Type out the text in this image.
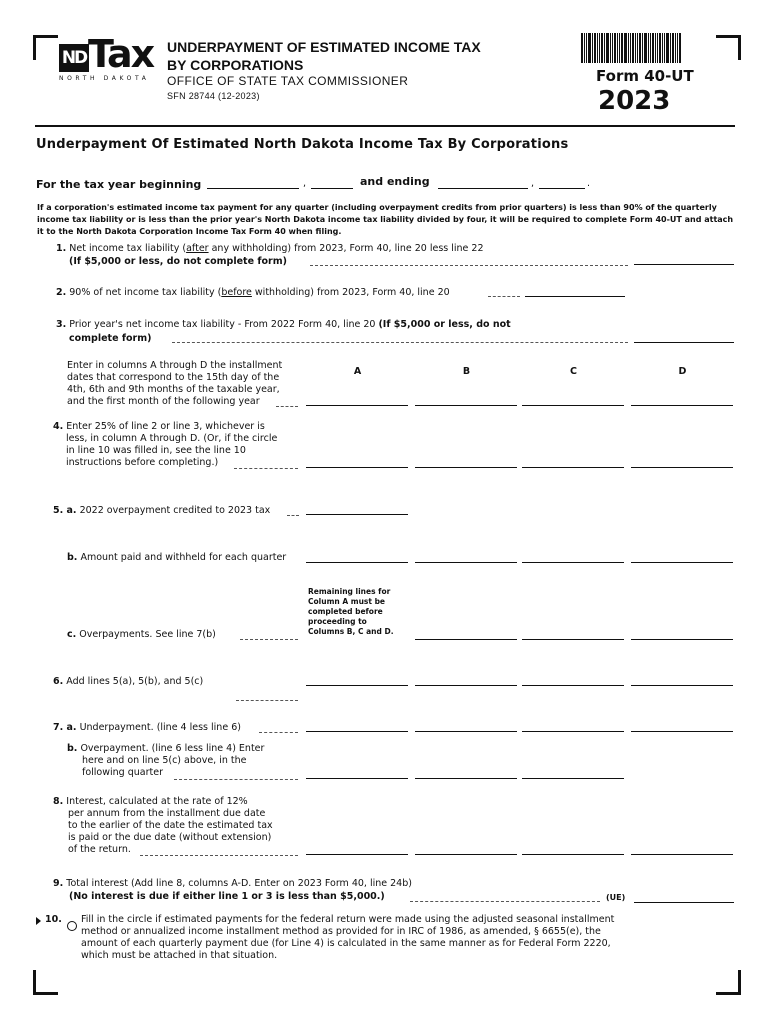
ND Tax
NORTH DAKOTA
UNDERPAYMENT OF ESTIMATED INCOME TAX
BY CORPORATIONS
OFFICE OF STATE TAX COMMISSIONER
SFN 28744 (12-2023)
Form 40-UT
2023
Underpayment Of Estimated North Dakota Income Tax By Corporations
For the tax year beginning	,	and ending	,	.
If a corporation's estimated income tax payment for any quarter (including overpayment credits from prior quarters) is less than 90% of the quarterly income tax liability or is less than the prior year's North Dakota income tax liability divided by four, it will be required to complete Form 40-UT and attach it to the North Dakota Corporation Income Tax Form 40 when filing.
1. Net income tax liability (after any withholding) from 2023, Form 40, line 20 less line 22
(If $5,000 or less, do not complete form)
2. 90% of net income tax liability (before withholding) from 2023, Form 40, line 20
3. Prior year's net income tax liability - From 2022 Form 40, line 20 (If $5,000 or less, do not
complete form)
Enter in columns A through D the installment
dates that correspond to the 15th day of the
4th, 6th and 9th months of the taxable year,
and the first month of the following year
A	B	C	D
4. Enter 25% of line 2 or line 3, whichever is
less, in column A through D. (Or, if the circle
in line 10 was filled in, see the line 10
instructions before completing.)
5. a. 2022 overpayment credited to 2023 tax
b. Amount paid and withheld for each quarter
Remaining lines for
Column A must be
completed before
proceeding to
Columns B, C and D.
c. Overpayments. See line 7(b)
6. Add lines 5(a), 5(b), and 5(c)
7. a. Underpayment. (line 4 less line 6)
b. Overpayment. (line 6 less line 4) Enter
here and on line 5(c) above, in the
following quarter
8. Interest, calculated at the rate of 12%
per annum from the installment due date
to the earlier of the date the estimated tax
is paid or the due date (without extension)
of the return.
9. Total interest (Add line 8, columns A-D. Enter on 2023 Form 40, line 24b)
(No interest is due if either line 1 or 3 is less than $5,000.)	(UE)
10. Fill in the circle if estimated payments for the federal return were made using the adjusted seasonal installment
method or annualized income installment method as provided for in IRC of 1986, as amended, § 6655(e), the
amount of each quarterly payment due (for Line 4) is calculated in the same manner as for Federal Form 2220,
which must be attached in that situation.
